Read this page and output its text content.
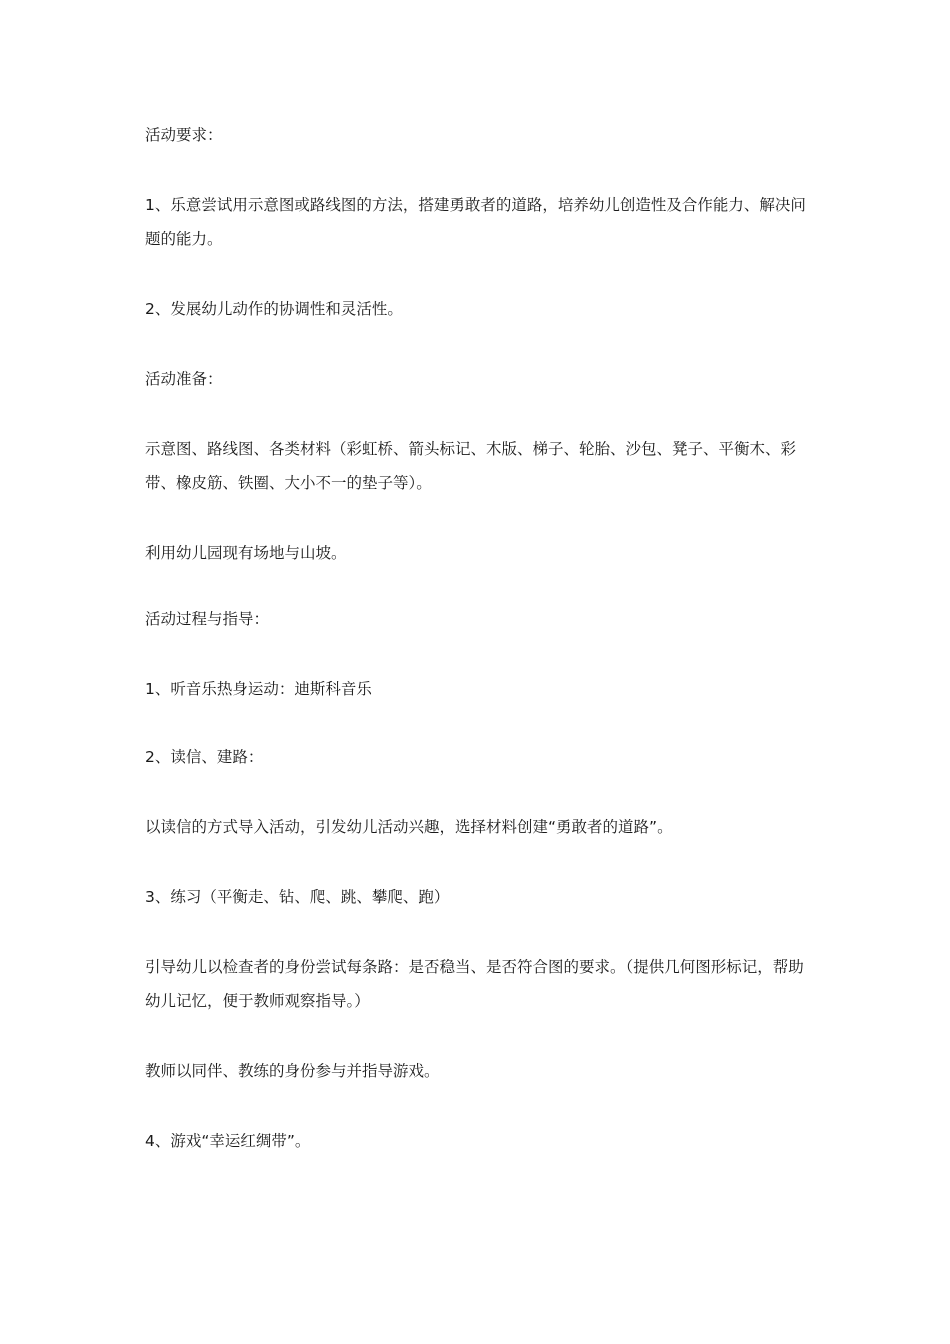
活动要求：
1、乐意尝试用示意图或路线图的方法，搭建勇敢者的道路，培养幼儿创造性及合作能力、解决问题的能力。
2、发展幼儿动作的协调性和灵活性。
活动准备：
示意图、路线图、各类材料（彩虹桥、箭头标记、木版、梯子、轮胎、沙包、凳子、平衡木、彩带、橡皮筋、铁圈、大小不一的垫子等）。
利用幼儿园现有场地与山坡。
活动过程与指导：
1、听音乐热身运动：迪斯科音乐
2、读信、建路：
以读信的方式导入活动，引发幼儿活动兴趣，选择材料创建“勇敢者的道路”。
3、练习（平衡走、钻、爬、跳、攀爬、跑）
引导幼儿以检查者的身份尝试每条路：是否稳当、是否符合图的要求。（提供几何图形标记，帮助幼儿记忆，便于教师观察指导。）
教师以同伴、教练的身份参与并指导游戏。
4、游戏“幸运红绸带”。
